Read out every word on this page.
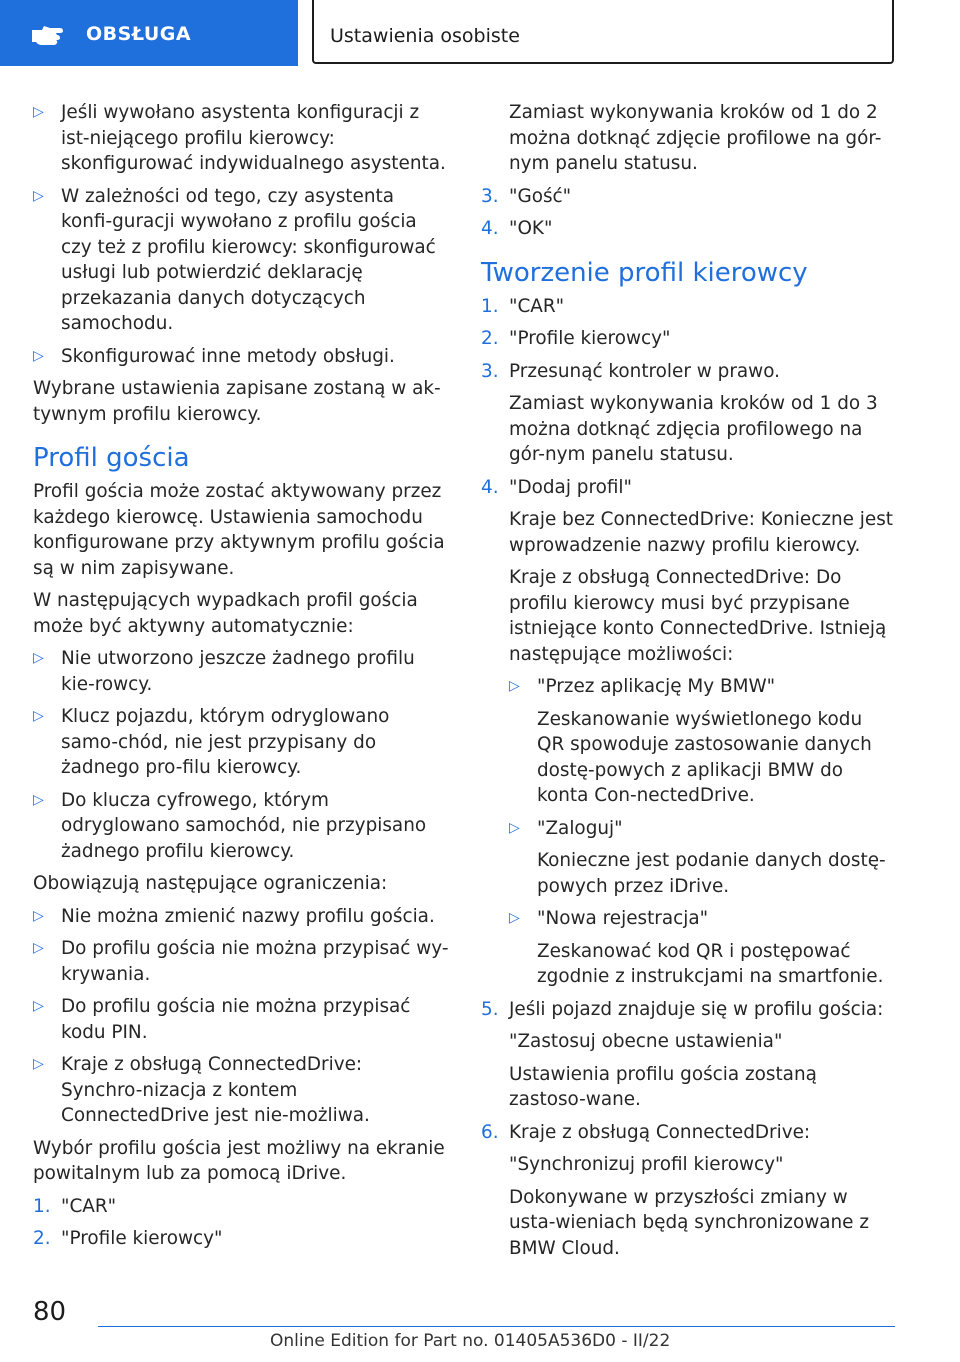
OBSŁUGA	Ustawienia osobiste
▷ Jeśli wywołano asystenta konfiguracji z ist-niejącego profilu kierowcy: skonfigurować indywidualnego asystenta.
▷ W zależności od tego, czy asystenta konfi-guracji wywołano z profilu gościa czy też z profilu kierowcy: skonfigurować usługi lub potwierdzić deklarację przekazania danych dotyczących samochodu.
▷ Skonfigurować inne metody obsługi.
Wybrane ustawienia zapisane zostaną w ak-tywnym profilu kierowcy.
Profil gościa
Profil gościa może zostać aktywowany przez każdego kierowcę. Ustawienia samochodu konfigurowane przy aktywnym profilu gościa są w nim zapisywane.
W następujących wypadkach profil gościa może być aktywny automatycznie:
▷ Nie utworzono jeszcze żadnego profilu kie-rowcy.
▷ Klucz pojazdu, którym odryglowano samo-chód, nie jest przypisany do żadnego pro-filu kierowcy.
▷ Do klucza cyfrowego, którym odryglowano samochód, nie przypisano żadnego profilu kierowcy.
Obowiązują następujące ograniczenia:
▷ Nie można zmienić nazwy profilu gościa.
▷ Do profilu gościa nie można przypisać wy-krywania.
▷ Do profilu gościa nie można przypisać kodu PIN.
▷ Kraje z obsługą ConnectedDrive: Synchro-nizacja z kontem ConnectedDrive jest nie-możliwa.
Wybór profilu gościa jest możliwy na ekranie powitalnym lub za pomocą iDrive.
1. "CAR"
2. "Profile kierowcy"
Zamiast wykonywania kroków od 1 do 2 można dotknąć zdjęcie profilowe na gór-nym panelu statusu.
3. "Gość"
4. "OK"
Tworzenie profil kierowcy
1. "CAR"
2. "Profile kierowcy"
3. Przesunąć kontroler w prawo.
Zamiast wykonywania kroków od 1 do 3 można dotknąć zdjęcia profilowego na gór-nym panelu statusu.
4. "Dodaj profil"
Kraje bez ConnectedDrive: Konieczne jest wprowadzenie nazwy profilu kierowcy.
Kraje z obsługą ConnectedDrive: Do profilu kierowcy musi być przypisane istniejące konto ConnectedDrive. Istnieją następujące możliwości:
▷ "Przez aplikację My BMW"
Zeskanowanie wyświetlonego kodu QR spowoduje zastosowanie danych dostę-powych z aplikacji BMW do konta Con-nectedDrive.
▷ "Zaloguj"
Konieczne jest podanie danych dostę-powych przez iDrive.
▷ "Nowa rejestracja"
Zeskanować kod QR i postępować zgodnie z instrukcjami na smartfonie.
5. Jeśli pojazd znajduje się w profilu gościa:
"Zastosuj obecne ustawienia"
Ustawienia profilu gościa zostaną zastoso-wane.
6. Kraje z obsługą ConnectedDrive:
"Synchronizuj profil kierowcy"
Dokonywane w przyszłości zmiany w usta-wieniach będą synchronizowane z BMW Cloud.
80
Online Edition for Part no. 01405A536D0 - II/22
